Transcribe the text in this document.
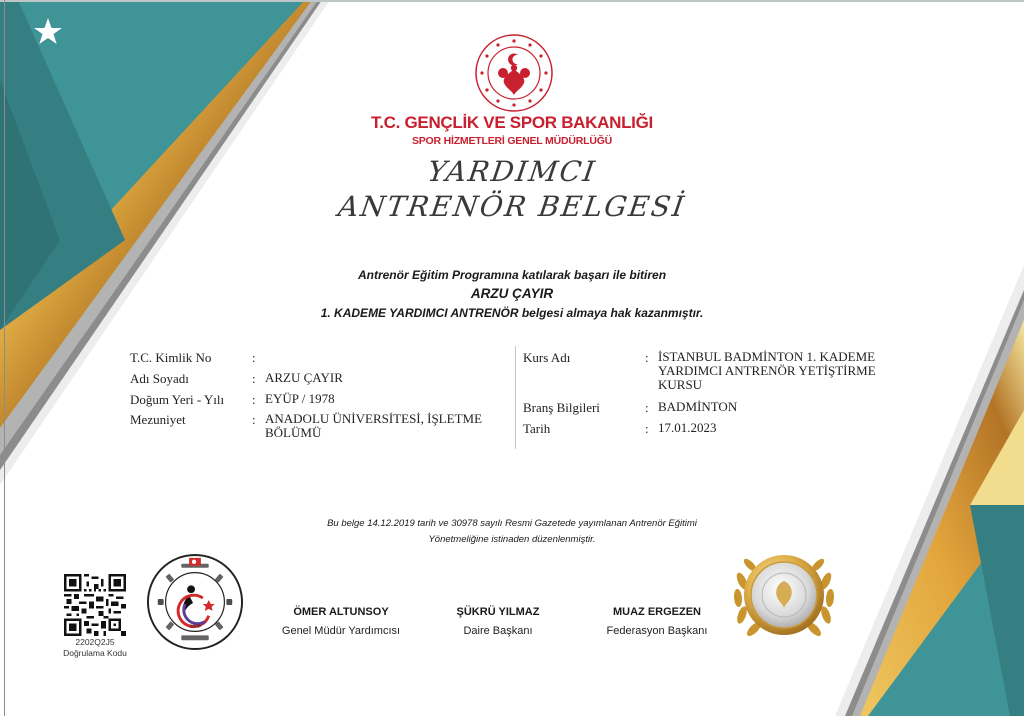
T.C. GENÇLİK VE SPOR BAKANLIĞI
SPOR HİZMETLERİ GENEL MÜDÜRLÜĞÜ
YARDIMCI
ANTRENÖR BELGESİ
Antrenör Eğitim Programına katılarak başarı ile bitiren
ARZU ÇAYIR
1. KADEME YARDIMCI ANTRENÖR belgesi almaya hak kazanmıştır.
T.C. Kimlik No	:
Adı Soyadı	: ARZU ÇAYIR
Doğum Yeri - Yılı : EYÜP / 1978
Mezuniyet	: ANADOLU ÜNİVERSİTESİ, İŞLETME BÖLÜMÜ
Kurs Adı	: İSTANBUL BADMİNTON 1. KADEME YARDIMCI ANTRENÖR YETİŞTİRME KURSU
Branş Bilgileri	: BADMİNTON
Tarih	: 17.01.2023
Bu belge 14.12.2019 tarih ve 30978 sayılı Resmi Gazetede yayımlanan Antrenör Eğitimi
Yönetmeliğine istinaden düzenlenmiştir.
2202Q2J5
Doğrulama Kodu
2000
ÖMER ALTUNSOY
Genel Müdür Yardımcısı
ŞÜKRÜ YILMAZ
Daire Başkanı
MUAZ ERGEZEN
Federasyon Başkanı
